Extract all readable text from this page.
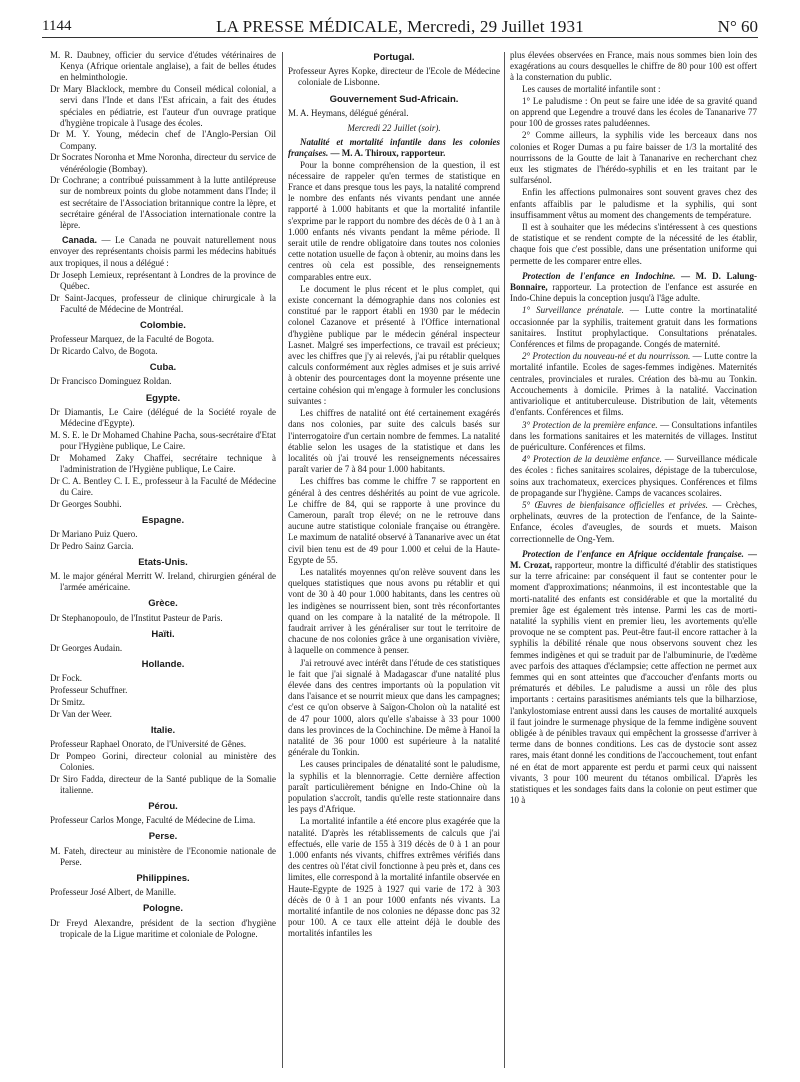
1144	LA PRESSE MÉDICALE, Mercredi, 29 Juillet 1931	N° 60

M. R. Daubney, officier du service d'études vétérinaires de Kenya (Afrique orientale anglaise), a fait de belles études en helminthologie.

Dr Mary Blacklock, membre du Conseil médical colonial, a servi dans l'Inde et dans l'Est africain, a fait des études spéciales en pédiatrie, est l'auteur d'un ouvrage pratique d'hygiène tropicale à l'usage des écoles.

Dr M. Y. Young, médecin chef de l'Anglo-Persian Oil Company.

Dr Socrates Noronha et Mme Noronha, directeur du service de vénéréologie (Bombay).

Dr Cochrane; a contribué puissamment à la lutte antilépreuse sur de nombreux points du globe notamment dans l'Inde; il est secrétaire de l'Association britannique contre la lèpre, et secrétaire général de l'Association internationale contre la lèpre.

Canada. — Le Canada ne pouvait naturellement nous envoyer des représentants choisis parmi les médecins habitués aux tropiques, il nous a délégué :

Dr Joseph Lemieux, représentant à Londres de la province de Québec.

Dr Saint-Jacques, professeur de clinique chirurgicale à la Faculté de Médecine de Montréal.

Colombie.

Professeur Marquez, de la Faculté de Bogota.

Dr Ricardo Calvo, de Bogota.

Cuba.

Dr Francisco Dominguez Roldan.

Egypte.

Dr Diamantis, Le Caire (délégué de la Société royale de Médecine d'Egypte).

M. S. E. le Dr Mohamed Chahine Pacha, sous-secrétaire d'Etat pour l'Hygiène publique, Le Caire.

Dr Mohamed Zaky Chaffei, secrétaire technique à l'administration de l'Hygiène publique, Le Caire.

Dr C. A. Bentley C. I. E., professeur à la Faculté de Médecine du Caire.

Dr Georges Soubhi.

Espagne.

Dr Mariano Puiz Quero.

Dr Pedro Sainz Garcia.

Etats-Unis.

M. le major général Merritt W. Ireland, chirurgien général de l'armée américaine.

Grèce.

Dr Stephanopoulo, de l'Institut Pasteur de Paris.

Haïti.

Dr Georges Audain.

Hollande.

Dr Fock.

Professeur Schuffner.

Dr Smitz.

Dr Van der Weer.

Italie.

Professeur Raphael Onorato, de l'Université de Gênes.

Dr Pompeo Gorini, directeur colonial au ministère des Colonies.

Dr Siro Fadda, directeur de la Santé publique de la Somalie italienne.

Pérou.

Professeur Carlos Monge, Faculté de Médecine de Lima.

Perse.

M. Fateh, directeur au ministère de l'Economie nationale de Perse.

Philippines.

Professeur José Albert, de Manille.

Pologne.

Dr Freyd Alexandre, président de la section d'hygiène tropicale de la Ligue maritime et coloniale de Pologne.

Portugal.

Professeur Ayres Kopke, directeur de l'Ecole de Médecine coloniale de Lisbonne.

Gouvernement Sud-Africain.

M. A. Heymans, délégué général.

Mercredi 22 Juillet (soir).

Natalité et mortalité infantile dans les colonies françaises. — M. A. Thiroux, rapporteur.

Pour la bonne compréhension de la question, il est nécessaire de rappeler qu'en termes de statistique en France et dans presque tous les pays, la natalité comprend le nombre des enfants nés vivants pendant une année rapporté à 1.000 habitants et que la mortalité infantile s'exprime par le rapport du nombre des décès de 0 à 1 an à 1.000 enfants nés vivants pendant la même période. Il serait utile de rendre obligatoire dans toutes nos colonies cette notation usuelle de façon à obtenir, au moins dans les centres où cela est possible, des renseignements comparables entre eux.

Le document le plus récent et le plus complet, qui existe concernant la démographie dans nos colonies est constitué par le rapport établi en 1930 par le médecin colonel Cazanove et présenté à l'Office international d'hygiène publique par le médecin général inspecteur Lasnet. Malgré ses imperfections, ce travail est précieux; avec les chiffres que j'y ai relevés, j'ai pu rétablir quelques calculs conformément aux règles admises et je suis arrivé à obtenir des pourcentages dont la moyenne présente une certaine cohésion qui m'engage à formuler les conclusions suivantes :

Les chiffres de natalité ont été certainement exagérés dans nos colonies, par suite des calculs basés sur l'interrogatoire d'un certain nombre de femmes. La natalité établie selon les usages de la statistique et dans les localités où j'ai trouvé les renseignements nécessaires paraît varier de 7 à 84 pour 1.000 habitants.

Les chiffres bas comme le chiffre 7 se rapportent en général à des centres déshérités au point de vue agricole. Le chiffre de 84, qui se rapporte à une province du Cameroun, paraît trop élevé; on ne le retrouve dans aucune autre statistique coloniale française ou étrangère. Le maximum de natalité observé à Tananarive avec un état civil bien tenu est de 49 pour 1.000 et celui de la Haute-Egypte de 55.

Les natalités moyennes qu'on relève souvent dans les quelques statistiques que nous avons pu rétablir et qui vont de 30 à 40 pour 1.000 habitants, dans les centres où les indigènes se nourrissent bien, sont très réconfortantes quand on les compare à la natalité de la métropole. Il faudrait arriver à les généraliser sur tout le territoire de chacune de nos colonies grâce à une organisation vivière, à laquelle on commence à penser.

J'ai retrouvé avec intérêt dans l'étude de ces statistiques le fait que j'ai signalé à Madagascar d'une natalité plus élevée dans des centres importants où la population vit dans l'aisance et se nourrit mieux que dans les campagnes; c'est ce qu'on observe à Saïgon-Cholon où la natalité est de 47 pour 1000, alors qu'elle s'abaisse à 33 pour 1000 dans les provinces de la Cochinchine. De même à Hanoï la natalité de 36 pour 1000 est supérieure à la natalité générale du Tonkin.

Les causes principales de dénatalité sont le paludisme, la syphilis et la blennorragie. Cette dernière affection paraît particulièrement bénigne en Indo-Chine où la population s'accroît, tandis qu'elle reste stationnaire dans les pays d'Afrique.

La mortalité infantile a été encore plus exagérée que la natalité. D'après les rétablissements de calculs que j'ai effectués, elle varie de 155 à 319 décès de 0 à 1 an pour 1.000 enfants nés vivants, chiffres extrêmes vérifiés dans des centres où l'état civil fonctionne à peu près et, dans ces limites, elle correspond à la mortalité infantile observée en Haute-Egypte de 1925 à 1927 qui varie de 172 à 303 décès de 0 à 1 an pour 1000 enfants nés vivants. La mortalité infantile de nos colonies ne dépasse donc pas 32 pour 100. A ce taux elle atteint déjà le double des mortalités infantiles les

plus élevées observées en France, mais nous sommes bien loin des exagérations au cours desquelles le chiffre de 80 pour 100 est offert à la consternation du public.

Les causes de mortalité infantile sont :

1° Le paludisme : On peut se faire une idée de sa gravité quand on apprend que Legendre a trouvé dans les écoles de Tananarive 77 pour 100 de grosses rates paludéennes.

2° Comme ailleurs, la syphilis vide les berceaux dans nos colonies et Roger Dumas a pu faire baisser de 1/3 la mortalité des nourrissons de la Goutte de lait à Tananarive en recherchant chez eux les stigmates de l'hérédo-syphilis et en les traitant par le sulfarsénol.

Enfin les affections pulmonaires sont souvent graves chez des enfants affaiblis par le paludisme et la syphilis, qui sont insuffisamment vêtus au moment des changements de température.

Il est à souhaiter que les médecins s'intéressent à ces questions de statistique et se rendent compte de la nécessité de les établir, chaque fois que c'est possible, dans une présentation uniforme qui permette de les comparer entre elles.

Protection de l'enfance en Indochine. — M. D. Lalung-Bonnaire, rapporteur. La protection de l'enfance est assurée en Indo-Chine depuis la conception jusqu'à l'âge adulte.

1° Surveillance prénatale. — Lutte contre la mortinatalité occasionnée par la syphilis, traitement gratuit dans les formations sanitaires. Institut prophylactique. Consultations prénatales. Conférences et films de propagande. Congés de maternité.

2° Protection du nouveau-né et du nourrisson. — Lutte contre la mortalité infantile. Ecoles de sages-femmes indigènes. Maternités centrales, provinciales et rurales. Création des bà-mu au Tonkin. Accouchements à domicile. Primes à la natalité. Vaccination antivariolique et antituberculeuse. Distribution de lait, vêtements d'enfants. Conférences et films.

3° Protection de la première enfance. — Consultations infantiles dans les formations sanitaires et les maternités de villages. Institut de puériculture. Conférences et films.

4° Protection de la deuxième enfance. — Surveillance médicale des écoles : fiches sanitaires scolaires, dépistage de la tuberculose, soins aux trachomateux, exercices physiques. Conférences et films de propagande sur l'hygiène. Camps de vacances scolaires.

5° Œuvres de bienfaisance officielles et privées. — Crèches, orphelinats, œuvres de la protection de l'enfance, de la Sainte-Enfance, écoles d'aveugles, de sourds et muets. Maison correctionnelle de Ong-Yem.

Protection de l'enfance en Afrique occidentale française. — M. Crozat, rapporteur, montre la difficulté d'établir des statistiques sur la terre africaine: par conséquent il faut se contenter pour le moment d'approximations; néanmoins, il est incontestable que la morti-natalité des enfants est considérable et que la mortalité du premier âge est également très intense. Parmi les cas de morti-natalité la syphilis vient en premier lieu, les avortements qu'elle provoque ne se comptent pas. Peut-être faut-il encore rattacher à la syphilis la débilité rénale que nous observons souvent chez les femmes indigènes et qui se traduit par de l'albuminurie, de l'œdème avec parfois des attaques d'éclampsie; cette affection ne permet aux femmes qui en sont atteintes que d'accoucher d'enfants morts ou prématurés et débiles. Le paludisme a aussi un rôle des plus importants : certains parasitismes anémiants tels que la bilharziose, l'ankylostomiase entrent aussi dans les causes de mortalité auxquels il faut joindre le surmenage physique de la femme indigène souvent obligée à de pénibles travaux qui empêchent la grossesse d'arriver à terme dans de bonnes conditions. Les cas de dystocie sont assez rares, mais étant donné les conditions de l'accouchement, tout enfant né en état de mort apparente est perdu et parmi ceux qui naissent vivants, 3 pour 100 meurent du tétanos ombilical. D'après les statistiques et les sondages faits dans la colonie on peut estimer que 10 à
